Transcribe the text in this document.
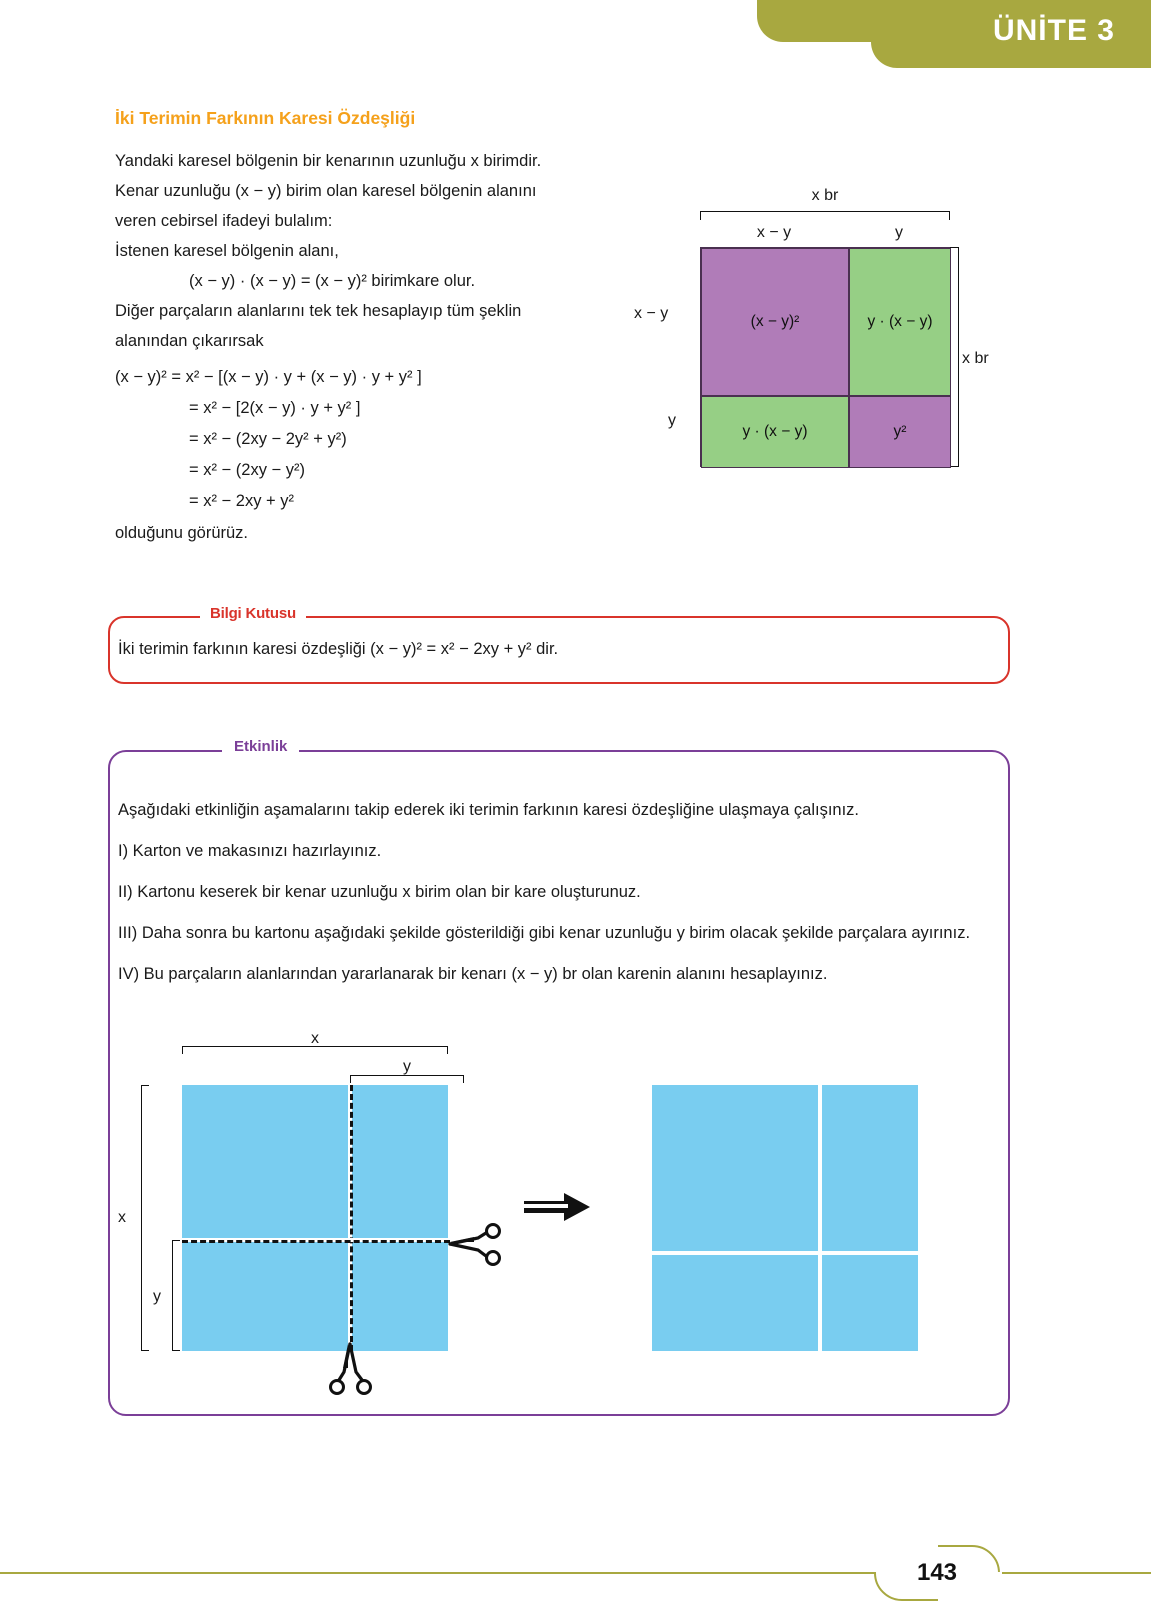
ÜNİTE 3
İki Terimin Farkının Karesi Özdeşliği

Yandaki karesel bölgenin bir kenarının uzunluğu x birimdir.

Kenar uzunluğu (x − y) birim olan karesel bölgenin alanını

veren cebirsel ifadeyi bulalım:

İstenen karesel bölgenin alanı,

(x − y) · (x − y) = (x − y)² birimkare olur.

Diğer parçaların alanlarını tek tek hesaplayıp tüm şeklin

alanından çıkarırsak

(x − y)² = x² − [(x − y) · y + (x − y) · y + y² ]
= x² − [2(x − y) · y + y² ]
= x² − (2xy − 2y² + y²)
= x² − (2xy − y²)
= x² − 2xy + y²
olduğunu görürüz.
x br
x − y	y
x − y
y
x br
(x − y)²	y · (x − y)
y · (x − y)	y²
Bilgi Kutusu
İki terimin farkının karesi özdeşliği (x − y)² = x² − 2xy + y² dir.
Etkinlik

Aşağıdaki etkinliğin aşamalarını takip ederek iki terimin farkının karesi özdeşliğine ulaşmaya çalışınız.

I) Karton ve makasınızı hazırlayınız.

II) Kartonu keserek bir kenar uzunluğu x birim olan bir kare oluşturunuz.

III) Daha sonra bu kartonu aşağıdaki şekilde gösterildiği gibi kenar uzunluğu y birim olacak şekilde parçalara ayırınız.

IV) Bu parçaların alanlarından yararlanarak bir kenarı (x − y) br olan karenin alanını hesaplayınız.

x
y
x
y
143
